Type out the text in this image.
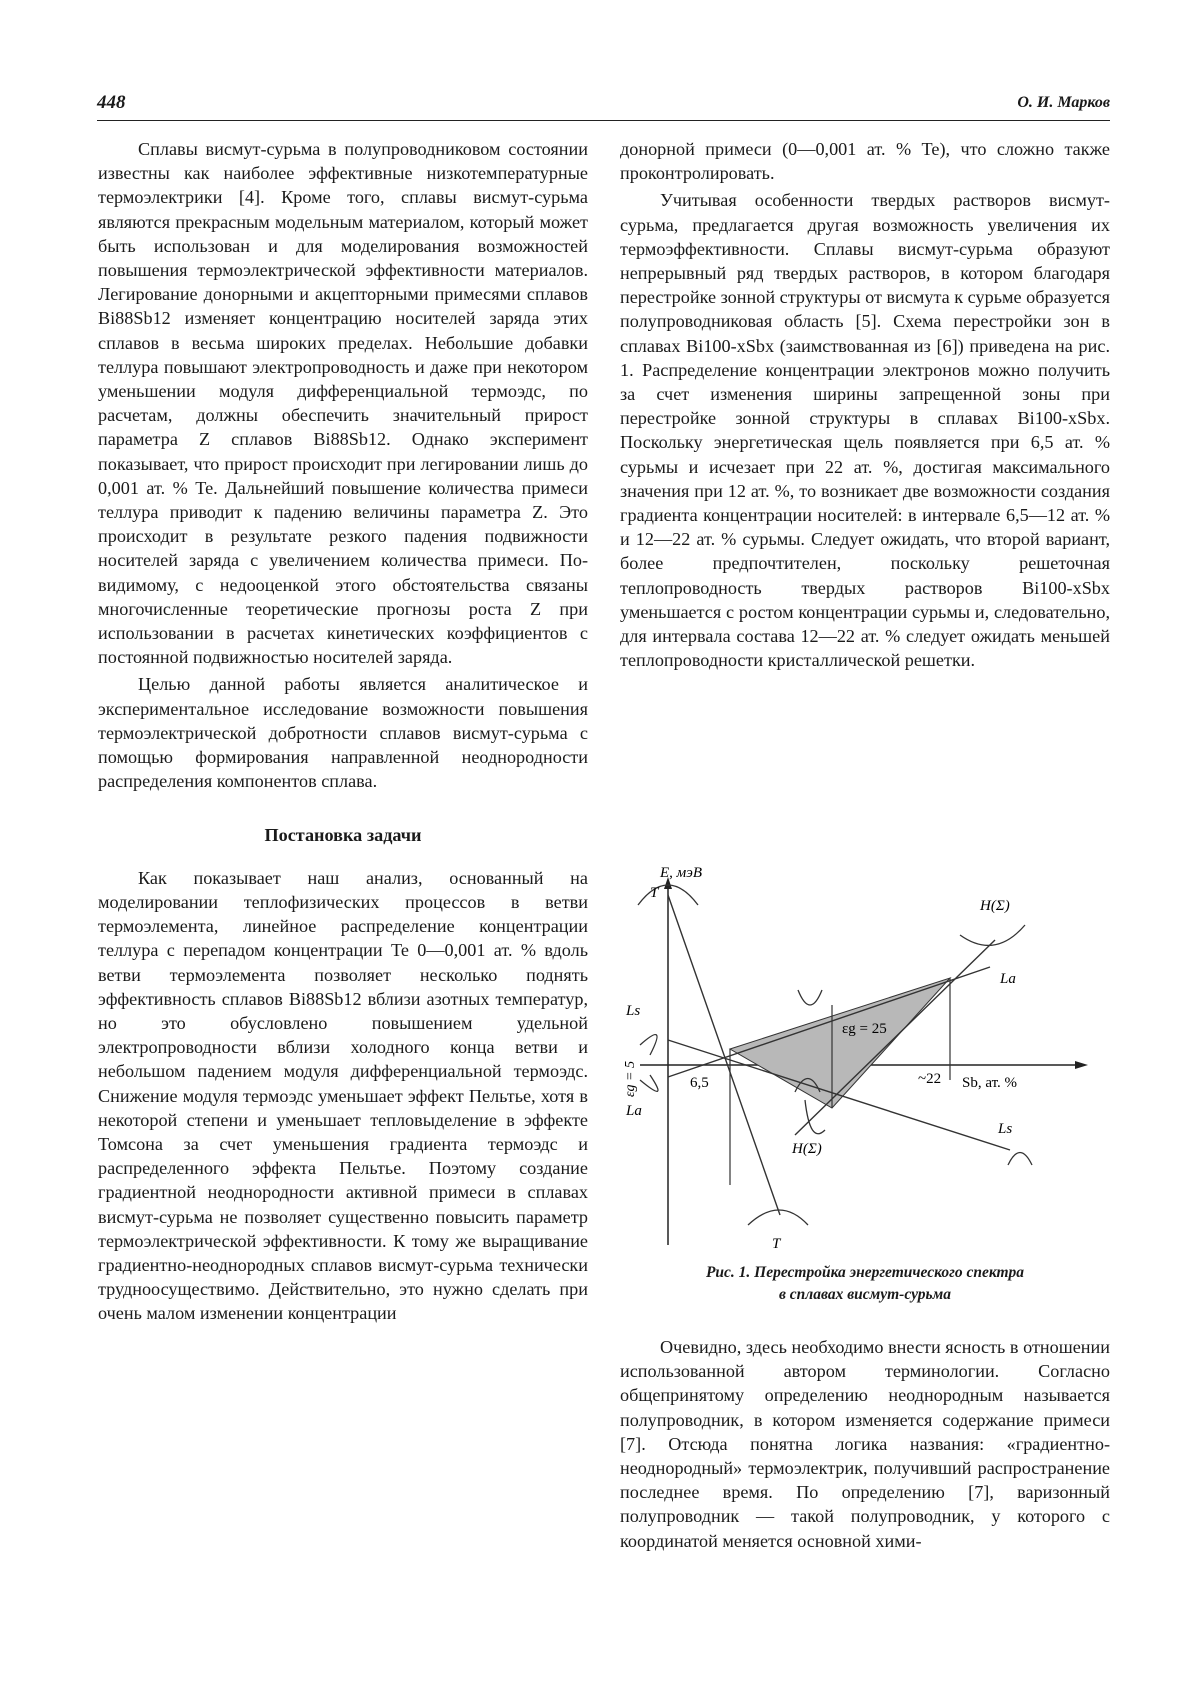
448	О. И. Марков

Сплавы висмут-сурьма в полупроводниковом состоянии известны как наиболее эффективные низкотемпературные термоэлектрики [4]. Кроме того, сплавы висмут-сурьма являются прекрасным модельным материалом, который может быть использован и для моделирования возможностей повышения термоэлектрической эффективности материалов. Легирование донорными и акцепторными примесями сплавов Bi88Sb12 изменяет концентрацию носителей заряда этих сплавов в весьма широких пределах. Небольшие добавки теллура повышают электропроводность и даже при некотором уменьшении модуля дифференциальной термоэдс, по расчетам, должны обеспечить значительный прирост параметра Z сплавов Bi88Sb12. Однако эксперимент показывает, что прирост происходит при легировании лишь до 0,001 ат. % Te. Дальнейший повышение количества примеси теллура приводит к падению величины параметра Z. Это происходит в результате резкого падения подвижности носителей заряда с увеличением количества примеси. По-видимому, с недооценкой этого обстоятельства связаны многочисленные теоретические прогнозы роста Z при использовании в расчетах кинетических коэффициентов с постоянной подвижностью носителей заряда.

Целью данной работы является аналитическое и экспериментальное исследование возможности повышения термоэлектрической добротности сплавов висмут-сурьма с помощью формирования направленной неоднородности распределения компонентов сплава.

Постановка задачи

Как показывает наш анализ, основанный на моделировании теплофизических процессов в ветви термоэлемента, линейное распределение концентрации теллура с перепадом концентрации Te 0—0,001 ат. % вдоль ветви термоэлемента позволяет несколько поднять эффективность сплавов Bi88Sb12 вблизи азотных температур, но это обусловлено повышением удельной электропроводности вблизи холодного конца ветви и небольшом падением модуля дифференциальной термоэдс. Снижение модуля термоэдс уменьшает эффект Пельтье, хотя в некоторой степени и уменьшает тепловыделение в эффекте Томсона за счет уменьшения градиента термоэдс и распределенного эффекта Пельтье. Поэтому создание градиентной неоднородности активной примеси в сплавах висмут-сурьма не позволяет существенно повысить параметр термоэлектрической эффективности. К тому же выращивание градиентно-неоднородных сплавов висмут-сурьма технически трудноосуществимо. Действительно, это нужно сделать при очень малом изменении концентрации

донорной примеси (0—0,001 ат. % Te), что сложно также проконтролировать.

Учитывая особенности твердых растворов висмут-сурьма, предлагается другая возможность увеличения их термоэффективности. Сплавы висмут-сурьма образуют непрерывный ряд твердых растворов, в котором благодаря перестройке зонной структуры от висмута к сурьме образуется полупроводниковая область [5]. Схема перестройки зон в сплавах Bi100-xSbx (заимствованная из [6]) приведена на рис. 1. Распределение концентрации электронов можно получить за счет изменения ширины запрещенной зоны при перестройке зонной структуры в сплавах Bi100-xSbx. Поскольку энергетическая щель появляется при 6,5 ат. % сурьмы и исчезает при 22 ат. %, достигая максимального значения при 12 ат. %, то возникает две возможности создания градиента концентрации носителей: в интервале 6,5—12 ат. % и 12—22 ат. % сурьмы. Следует ожидать, что второй вариант, более предпочтителен, поскольку решеточная теплопроводность твердых растворов Bi100-xSbx уменьшается с ростом концентрации сурьмы и, следовательно, для интервала состава 12—22 ат. % следует ожидать меньшей теплопроводности кристаллической решетки.

E, мэВ
T
T
H(Σ)
H(Σ)
La
Ls
Ls
La
εg = 5
εg = 25
6,5	~22 Sb, ат. %
Рис. 1. Перестройка энергетического спектра
в сплавах висмут-сурьма

Очевидно, здесь необходимо внести ясность в отношении использованной автором терминологии. Согласно общепринятому определению неоднородным называется полупроводник, в котором изменяется содержание примеси [7]. Отсюда понятна логика названия: «градиентно-неоднородный» термоэлектрик, получивший распространение последнее время. По определению [7], варизонный полупроводник — такой полупроводник, у которого с координатой меняется основной хими-
